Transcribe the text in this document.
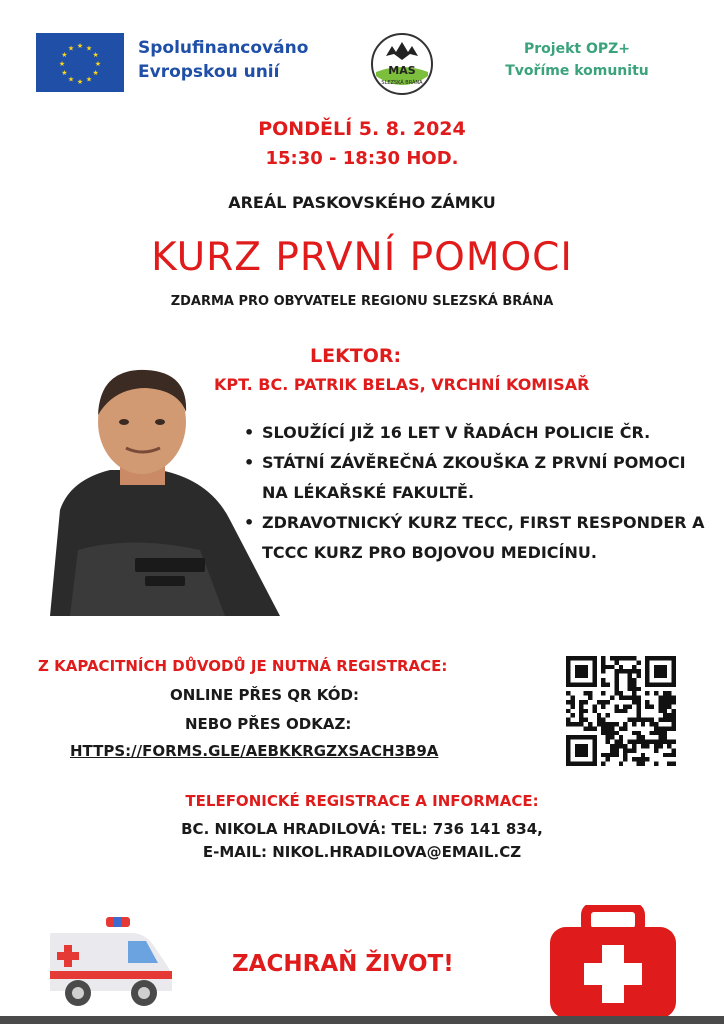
★
★
★
★
★
★
★
★
★ ★ ★
★ Spolufinancováno
Evropskou unií	MAS
SLEZSKÁ BRÁNA
Projekt OPZ+
Tvoříme komunitu
PONDĚLÍ 5. 8. 2024
15:30 - 18:30 HOD.
AREÁL PASKOVSKÉHO ZÁMKU
KURZ PRVNÍ POMOCI
ZDARMA PRO OBYVATELE REGIONU SLEZSKÁ BRÁNA
LEKTOR:
KPT. BC. PATRIK BELAS, VRCHNÍ KOMISAŘ
• SLOUŽÍCÍ JIŽ 16 LET V ŘADÁCH POLICIE ČR.
• STÁTNÍ ZÁVĚREČNÁ ZKOUŠKA Z PRVNÍ POMOCI NA LÉKAŘSKÉ FAKULTĚ.
• ZDRAVOTNICKÝ KURZ TECC, FIRST RESPONDER A TCCC KURZ PRO BOJOVOU MEDICÍNU.
Z KAPACITNÍCH DŮVODŮ JE NUTNÁ REGISTRACE:
ONLINE PŘES QR KÓD:
NEBO PŘES ODKAZ:
HTTPS://FORMS.GLE/AEBKKRGZXSACH3B9A
TELEFONICKÉ REGISTRACE A INFORMACE:
BC. NIKOLA HRADILOVÁ: TEL: 736 141 834,
E-MAIL: NIKOL.HRADILOVA@EMAIL.CZ
ZACHRAŇ ŽIVOT!
